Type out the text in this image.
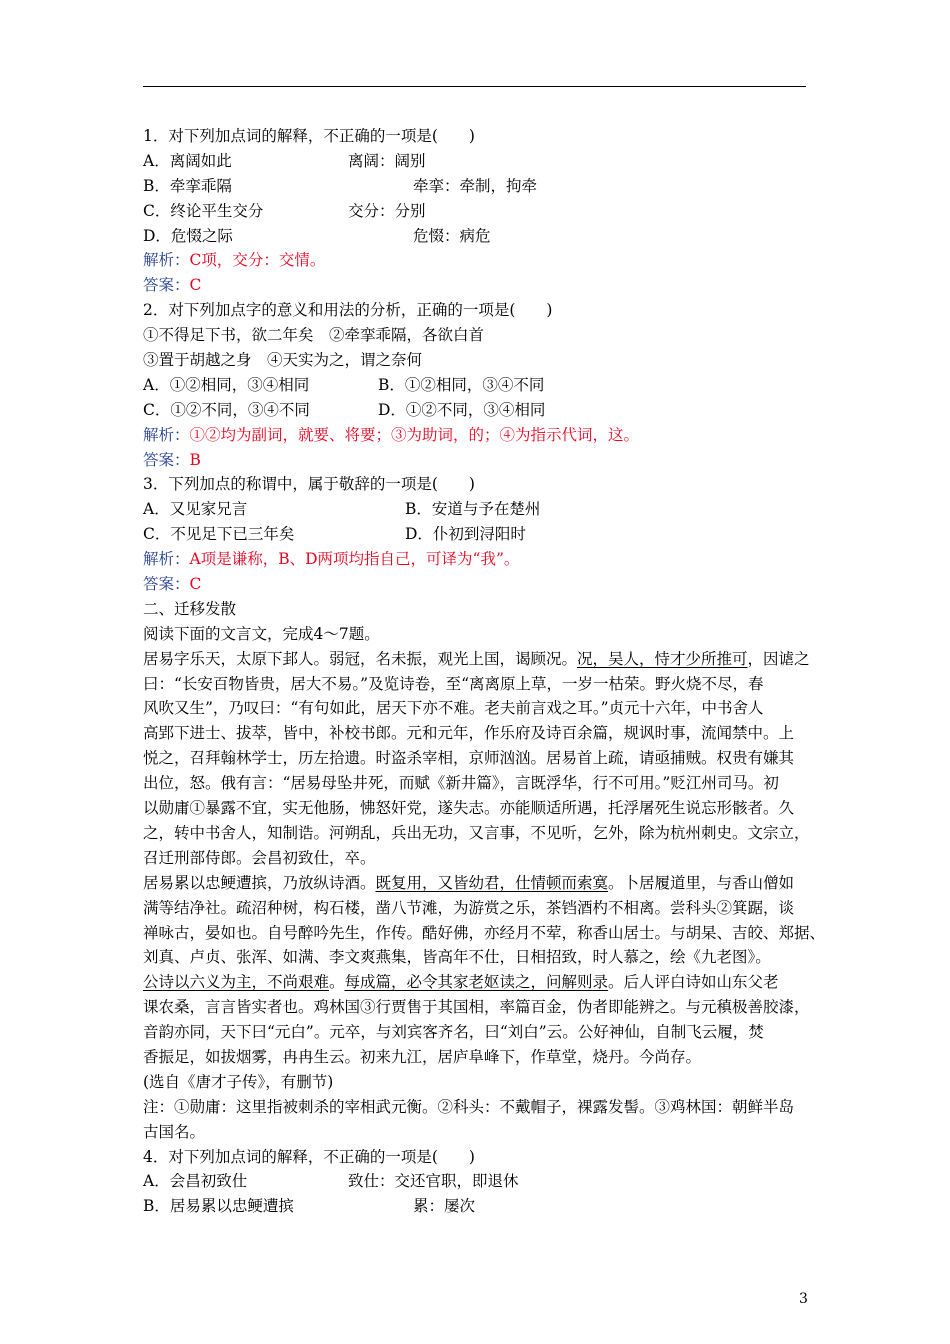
1．对下列加点词的解释，不正确的一项是(　　)
A．离阔如此	离阔：阔别
B．牵挛乖隔	牵挛：牵制，拘牵
C．终论平生交分	交分：分别
D．危惙之际	危惙：病危
解析：C项，交分：交情。
答案：C
2．对下列加点字的意义和用法的分析，正确的一项是(　　)
①不得足下书，欲二年矣　②牵挛乖隔，各欲白首
③置于胡越之身　④天实为之，谓之奈何
A．①②相同，③④相同	B．①②相同，③④不同
C．①②不同，③④不同	D．①②不同，③④相同
解析：①②均为副词，就要、将要；③为助词，的；④为指示代词，这。
答案：B
3．下列加点的称谓中，属于敬辞的一项是(　　)
A．又见家兄言	B．安道与予在楚州
C．不见足下已三年矣	D．仆初到浔阳时
解析：A项是谦称，B、D两项均指自己，可译为“我”。
答案：C
二、迁移发散
阅读下面的文言文，完成4～7题。
居易字乐天，太原下邽人。弱冠，名未振，观光上国，谒顾况。况，吴人，恃才少所推可，因谑之
曰：“长安百物皆贵，居大不易。”及览诗卷，至“离离原上草，一岁一枯荣。野火烧不尽，春
风吹又生”，乃叹曰：“有句如此，居天下亦不难。老夫前言戏之耳。”贞元十六年，中书舍人
高郢下进士、拔萃，皆中，补校书郎。元和元年，作乐府及诗百余篇，规讽时事，流闻禁中。上
悦之，召拜翰林学士，历左拾遗。时盗杀宰相，京师汹汹。居易首上疏，请亟捕贼。权贵有嫌其
出位，怒。俄有言：“居易母坠井死，而赋《新井篇》，言既浮华，行不可用。”贬江州司马。初
以勋庸①暴露不宜，实无他肠，怫怒奸党，遂失志。亦能顺适所遇，托浮屠死生说忘形骸者。久
之，转中书舍人，知制诰。河朔乱，兵出无功，又言事，不见听，乞外，除为杭州刺史。文宗立，
召迁刑部侍郎。会昌初致仕，卒。
居易累以忠鲠遭摈，乃放纵诗酒。既复用，又皆幼君，仕情顿而索寞。卜居履道里，与香山僧如
满等结净社。疏沼种树，构石楼，凿八节滩，为游赏之乐，茶铛酒杓不相离。尝科头②箕踞，谈
禅咏古，晏如也。自号醉吟先生，作传。酷好佛，亦经月不荤，称香山居士。与胡杲、吉皎、郑据、
刘真、卢贞、张浑、如满、李文爽燕集，皆高年不仕，日相招致，时人慕之，绘《九老图》。
公诗以六义为主，不尚艰难。每成篇，必令其家老妪读之，问解则录。后人评白诗如山东父老
课农桑，言言皆实者也。鸡林国③行贾售于其国相，率篇百金，伪者即能辨之。与元稹极善胶漆，
音韵亦同，天下曰“元白”。元卒，与刘宾客齐名，曰“刘白”云。公好神仙，自制飞云履，焚
香振足，如拔烟雾，冉冉生云。初来九江，居庐阜峰下，作草堂，烧丹。今尚存。
(选自《唐才子传》，有删节)
注：①勋庸：这里指被刺杀的宰相武元衡。②科头：不戴帽子，裸露发髻。③鸡林国：朝鲜半岛
古国名。
4．对下列加点词的解释，不正确的一项是(　　)
A．会昌初致仕	致仕：交还官职，即退休
B．居易累以忠鲠遭摈	累：屡次
3
